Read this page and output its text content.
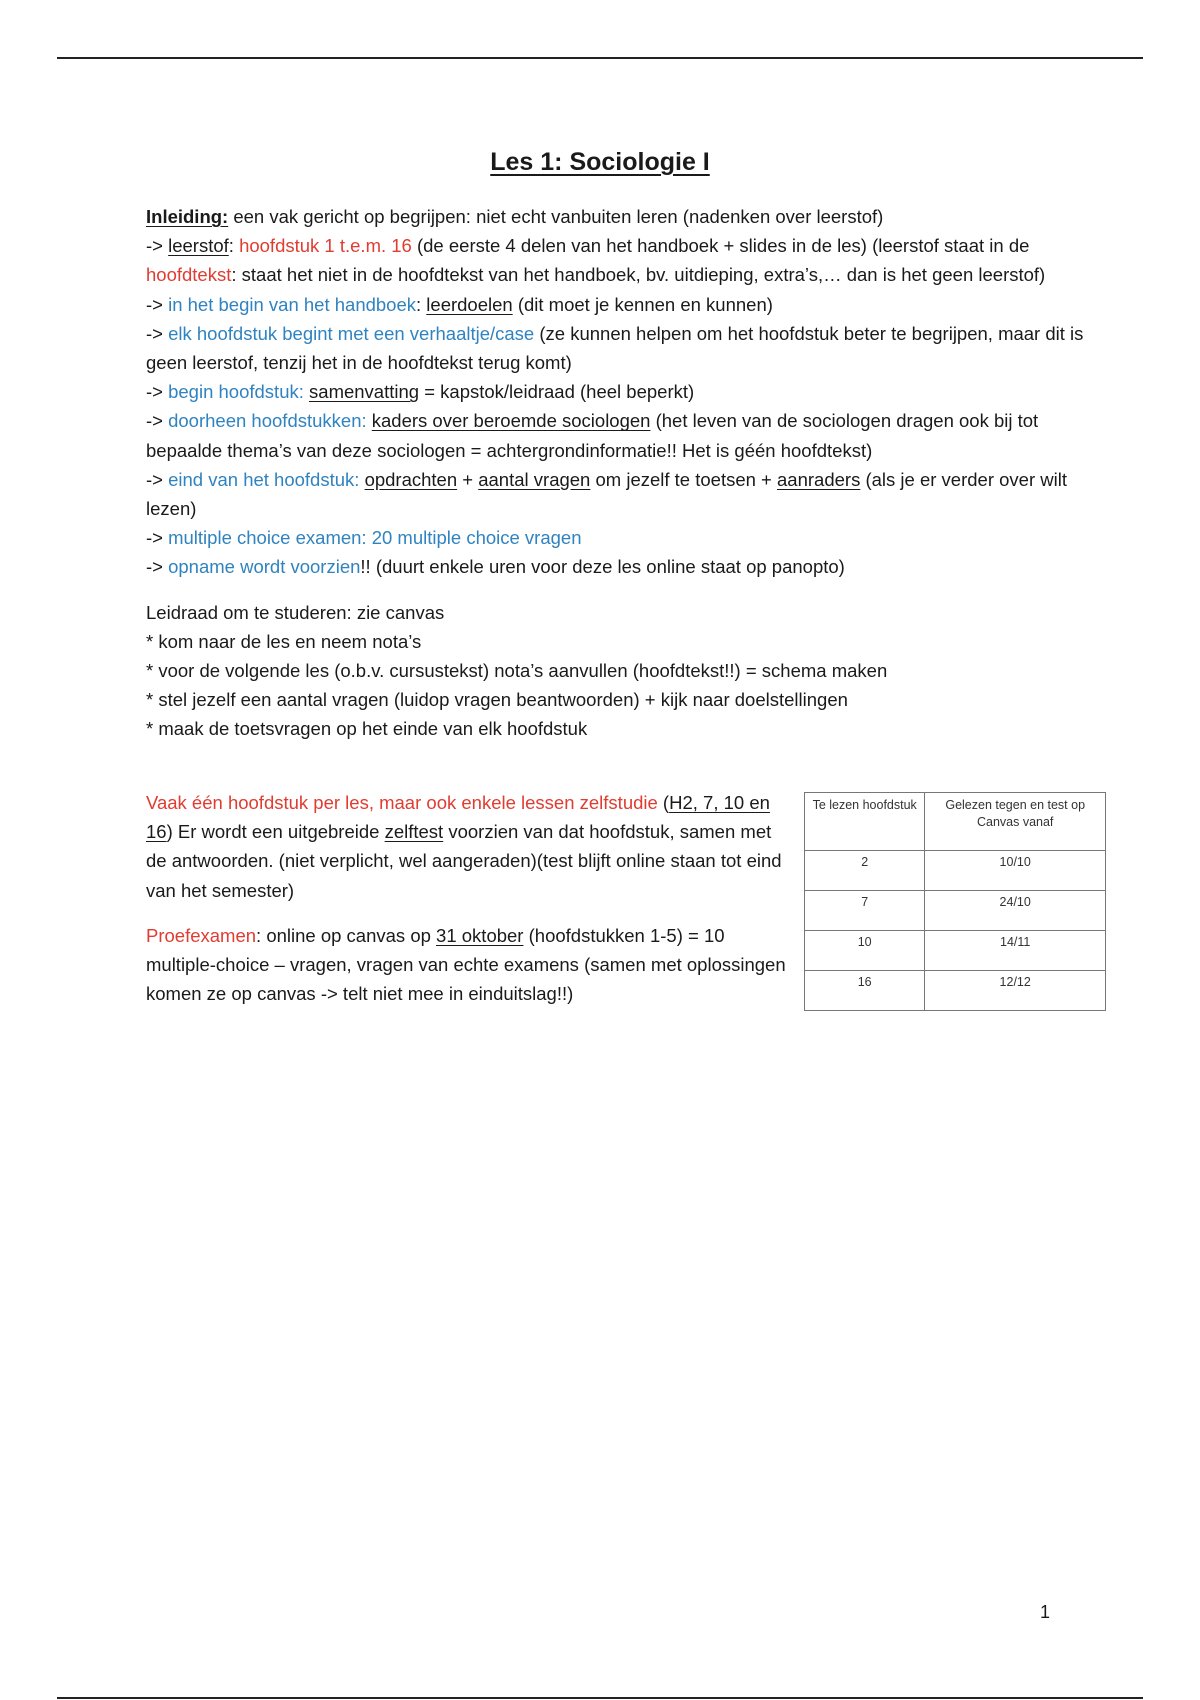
Les 1: Sociologie I

Inleiding: een vak gericht op begrijpen: niet echt vanbuiten leren (nadenken over leerstof)

-> leerstof: hoofdstuk 1 t.e.m. 16 (de eerste 4 delen van het handboek + slides in de les) (leerstof staat in de hoofdtekst: staat het niet in de hoofdtekst van het handboek, bv. uitdieping, extra’s,… dan is het geen leerstof)

-> in het begin van het handboek: leerdoelen (dit moet je kennen en kunnen)

-> elk hoofdstuk begint met een verhaaltje/case (ze kunnen helpen om het hoofdstuk beter te begrijpen, maar dit is geen leerstof, tenzij het in de hoofdtekst terug komt)

-> begin hoofdstuk: samenvatting = kapstok/leidraad (heel beperkt)

-> doorheen hoofdstukken: kaders over beroemde sociologen (het leven van de sociologen dragen ook bij tot bepaalde thema’s van deze sociologen = achtergrondinformatie!! Het is géén hoofdtekst)

-> eind van het hoofdstuk: opdrachten + aantal vragen om jezelf te toetsen + aanraders (als je er verder over wilt lezen)

-> multiple choice examen: 20 multiple choice vragen

-> opname wordt voorzien!! (duurt enkele uren voor deze les online staat op panopto)

Leidraad om te studeren: zie canvas

* kom naar de les en neem nota’s

* voor de volgende les (o.b.v. cursustekst) nota’s aanvullen (hoofdtekst!!) = schema maken

* stel jezelf een aantal vragen (luidop vragen beantwoorden) + kijk naar doelstellingen

* maak de toetsvragen op het einde van elk hoofdstuk

Vaak één hoofdstuk per les, maar ook enkele lessen zelfstudie (H2, 7, 10 en 16) Er wordt een uitgebreide zelftest voorzien van dat hoofdstuk, samen met de antwoorden. (niet verplicht, wel aangeraden)(test blijft online staan tot eind van het semester)

Proefexamen: online op canvas op 31 oktober (hoofdstukken 1-5) = 10 multiple-choice – vragen, vragen van echte examens (samen met oplossingen komen ze op canvas -> telt niet mee in einduitslag!!)

Te lezen hoofdstuk	Gelezen tegen en test op Canvas vanaf
2	10/10
7	24/10
10	14/11
16	12/12
1
